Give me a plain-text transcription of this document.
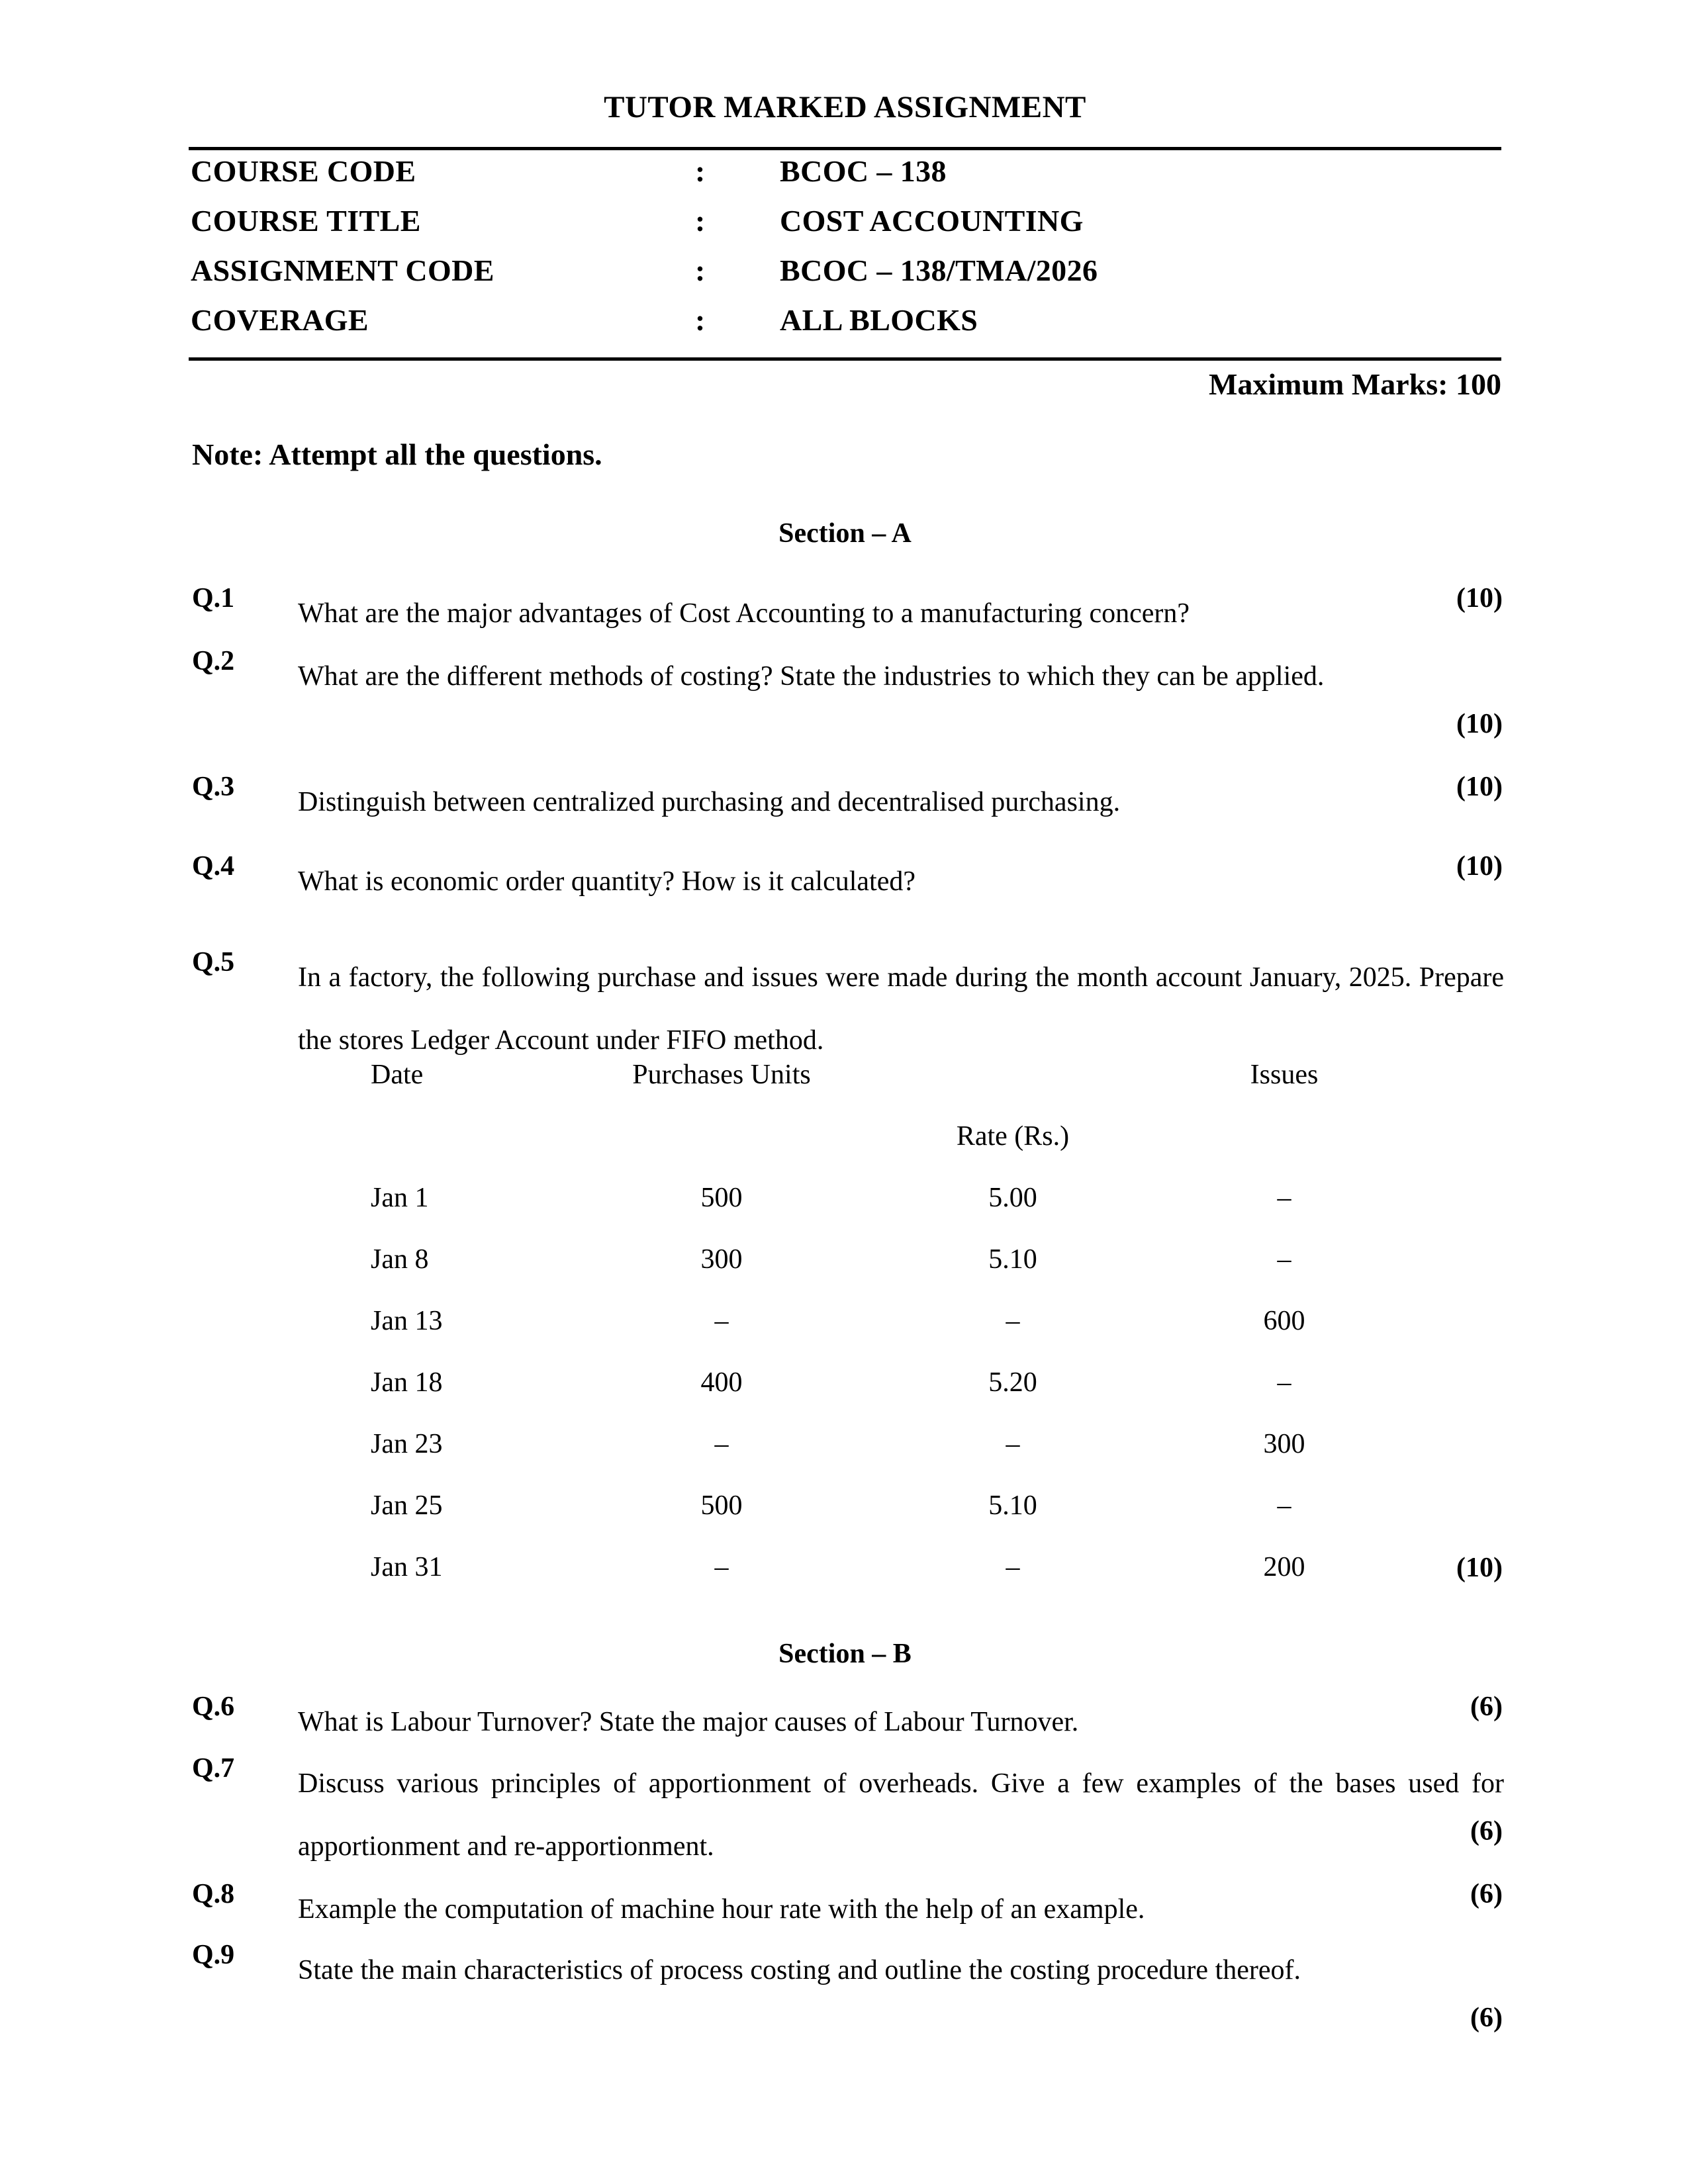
TUTOR MARKED ASSIGNMENT
COURSE CODE	:	BCOC – 138
COURSE TITLE	:	COST ACCOUNTING
ASSIGNMENT CODE	:	BCOC – 138/TMA/2026
COVERAGE	:	ALL BLOCKS
Maximum Marks: 100
Note: Attempt all the questions.
Section – A
Q.1	What are the major advantages of Cost Accounting to a manufacturing concern?	(10)
Q.2	What are the different methods of costing? State the industries to which they can be applied.
(10)
Q.3	Distinguish between centralized purchasing and decentralised purchasing.	(10)
Q.4	What is economic order quantity? How is it calculated?	(10)
Q.5	In a factory, the following purchase and issues were made during the month account January, 2025. Prepare the stores Ledger Account under FIFO method.
Date	Purchases Units	Issues
Rate (Rs.)
Jan 1	500	5.00	–
Jan 8	300	5.10	–
Jan 13	–	–	600
Jan 18	400	5.20	–
Jan 23	–	–	300
Jan 25	500	5.10	–
Jan 31	–	–	200	(10)
Section – B
Q.6	What is Labour Turnover? State the major causes of Labour Turnover.	(6)
Q.7	Discuss various principles of apportionment of overheads. Give a few examples of the bases used for apportionment and re-apportionment.	(6)
Q.8	Example the computation of machine hour rate with the help of an example.	(6)
Q.9	State the main characteristics of process costing and outline the costing procedure thereof.
(6)
